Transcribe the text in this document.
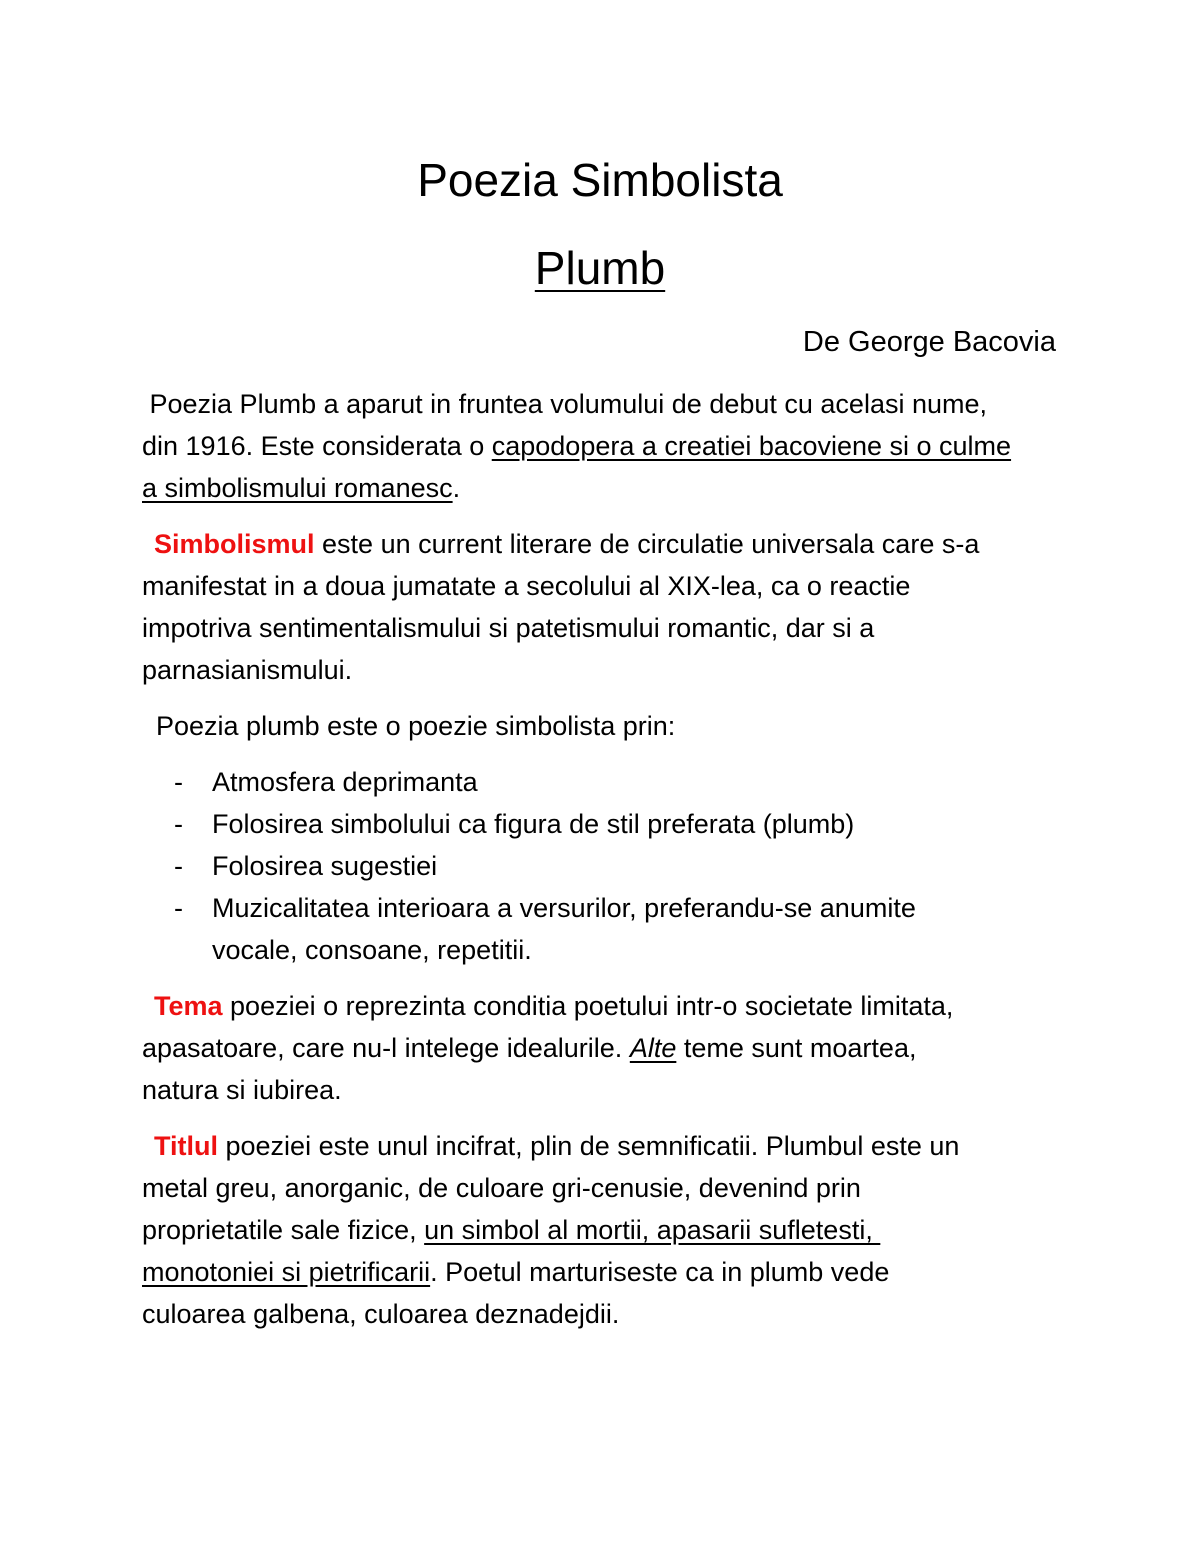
Poezia Simbolista
Plumb
De George Bacovia
Poezia Plumb a aparut in fruntea volumului de debut cu acelasi nume,
din 1916. Este considerata o capodopera a creatiei bacoviene si o culme
a simbolismului romanesc.
Simbolismul este un current literare de circulatie universala care s-a
manifestat in a doua jumatate a secolului al XIX-lea, ca o reactie
impotriva sentimentalismului si patetismului romantic, dar si a
parnasianismului.
Poezia plumb este o poezie simbolista prin:
- Atmosfera deprimanta
- Folosirea simbolului ca figura de stil preferata (plumb)
- Folosirea sugestiei
- Muzicalitatea interioara a versurilor, preferandu-se anumite
vocale, consoane, repetitii.
Tema poeziei o reprezinta conditia poetului intr-o societate limitata,
apasatoare, care nu-l intelege idealurile. Alte teme sunt moartea,
natura si iubirea.
Titlul poeziei este unul incifrat, plin de semnificatii. Plumbul este un
metal greu, anorganic, de culoare gri-cenusie, devenind prin
proprietatile sale fizice, un simbol al mortii, apasarii sufletesti,
monotoniei si pietrificarii. Poetul marturiseste ca in plumb vede
culoarea galbena, culoarea deznadejdii.
